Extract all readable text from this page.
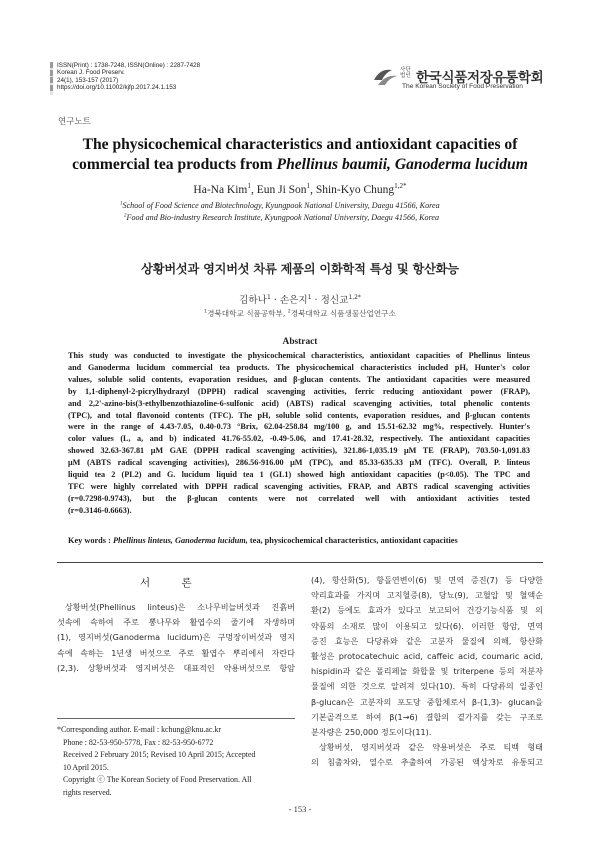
ISSN(Print) : 1738-7248, ISSN(Online) : 2287-7428
Korean J. Food Preserv.
24(1), 153-157 (2017)
https://doi.org/10.11002/kjfp.2017.24.1.153
사단
법인 한국식품저장유통학회
The Korean Society of Food Preservation
연구노트
The physicochemical characteristics and antioxidant capacities of
commercial tea products from Phellinus baumii, Ganoderma lucidum
Ha-Na Kim$^1$, Eun Ji Son$^1$, Shin-Kyo Chung$^{1,2*}$
$^1$School of Food Science and Biotechnology, Kyungpook National University, Daegu 41566, Korea
$^2$Food and Bio-industry Research Institute, Kyungpook National University, Daegu 41566, Korea
상황버섯과 영지버섯 차류 제품의 이화학적 특성 및 항산화능
김하나$^1$ · 손은지$^1$ · 정신교$^{1,2*}$
$^1$경북대학교 식품공학부, $^2$경북대학교 식품생물산업연구소
Abstract
This study was conducted to investigate the physicochemical characteristics, antioxidant capacities of Phellinus linteus
and Ganoderma lucidum commercial tea products. The physicochemical characteristics included pH, Hunter's color
values, soluble solid contents, evaporation residues, and β-glucan contents. The antioxidant capacities were measured
by 1,1-diphenyl-2-picrylhydrazyl (DPPH) radical scavenging activities, ferric reducing antioxidant power (FRAP),
and 2,2'-azino-bis(3-ethylbenzothiazoline-6-sulfonic acid) (ABTS) radical scavenging activities, total phenolic contents
(TPC), and total flavonoid contents (TFC). The pH, soluble solid contents, evaporation residues, and β-glucan contents
were in the range of 4.43-7.05, 0.40-0.73 °Brix, 62.04-258.84 mg/100 g, and 15.51-62.32 mg%, respectively. Hunter's
color values (L, a, and b) indicated 41.76-55.02, -0.49-5.06, and 17.41-28.32, respectively. The antioxidant capacities
showed 32.63-367.81 μM GAE (DPPH radical scavenging activities), 321.86-1,035.19 μM TE (FRAP), 703.50-1,091.83
μM (ABTS radical scavenging activities), 286.56-916.00 μM (TPC), and 85.33-635.33 μM (TFC). Overall, P. linteus
liquid tea 2 (PL2) and G. lucidum liquid tea 1 (GL1) showed high antioxidant capacities (p<0.05). The TPC and
TFC were highly correlated with DPPH radical scavenging activities, FRAP, and ABTS radical scavenging activities
(r=0.7298-0.9743), but the β-glucan contents were not correlated well with antioxidant activities tested
(r=0.3146-0.6663).
Key words : Phellinus linteus, Ganoderma lucidum, tea, physicochemical characteristics, antioxidant capacities
서 론
상황버섯(Phellinus linteus)은 소나무비늘버섯과 진흙버
섯속에 속하여 주로 뽕나무와 활엽수의 줄기에 자생하며
(1), 영지버섯(Ganoderma lucidum)은 구멍장이버섯과 영지
속에 속하는 1년생 버섯으로 주로 활엽수 뿌리에서 자란다
(2,3). 상황버섯과 영지버섯은 대표적인 약용버섯으로 항암
*Corresponding author. E-mail : kchung@knu.ac.kr
Phone : 82-53-950-5778, Fax : 82-53-950-6772
Received 2 February 2015; Revised 10 April 2015; Accepted
10 April 2015.
Copyright ⓒ The Korean Society of Food Preservation. All
rights reserved.
(4), 항산화(5), 항돌연변이(6) 및 면역 증진(7) 등 다양한
약리효과를 가지며 고지혈증(8), 당뇨(9), 고혈압 및 혈액순
환(2) 등에도 효과가 있다고 보고되어 건강기능식품 및 의
약품의 소재로 많이 이용되고 있다(6). 이러한 항암, 면역
증진 효능은 다당류와 같은 고분자 물질에 의해, 항산화
활성은 protocatechuic acid, caffeic acid, coumaric acid,
hispidin과 같은 폴리페놀 화합물 및 triterpene 등의 저분자
물질에 의한 것으로 알려져 있다(10). 특히 다당류의 일종인
β-glucan은 고분자의 포도당 중합체로서 β-(1,3)- glucan을
기본골격으로 하여 β(1→6) 결합의 곁가지를 갖는 구조로
분자량은 250,000 정도이다(11).
상황버섯, 영지버섯과 같은 약용버섯은 주로 티백 형태
의 침출차와, 열수로 추출하여 가공된 액상차로 유통되고
- 153 -
